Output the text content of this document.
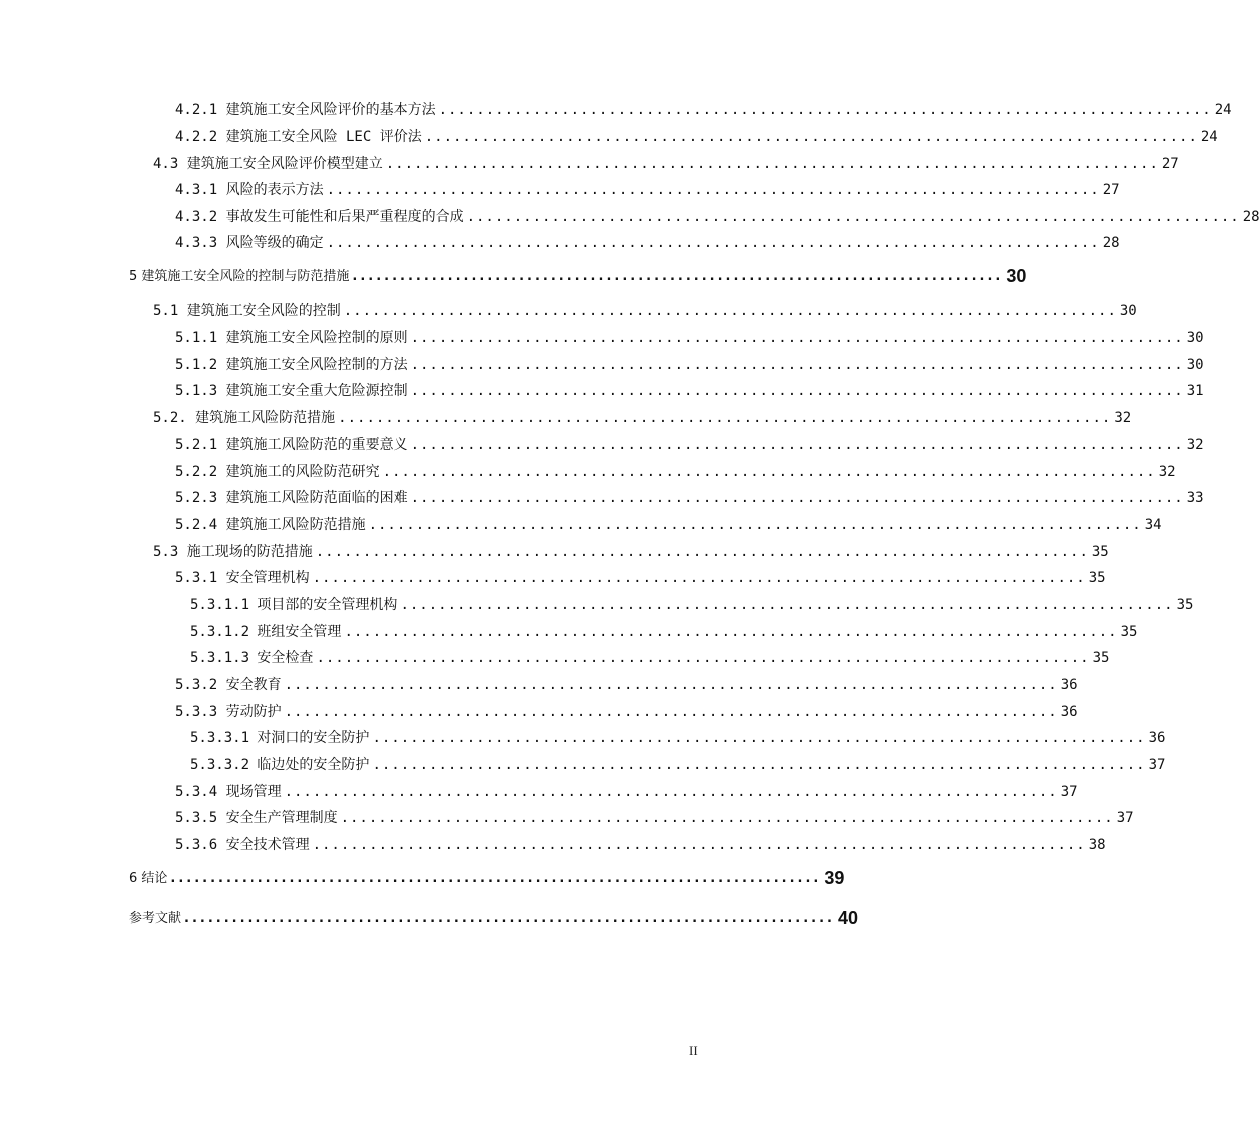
4.2.1 建筑施工安全风险评价的基本方法 .................................................................................. 24
4.2.2 建筑施工安全风险 LEC 评价法 .................................................................................. 24
4.3 建筑施工安全风险评价模型建立 .................................................................................. 27
4.3.1 风险的表示方法 .................................................................................. 27
4.3.2 事故发生可能性和后果严重程度的合成 .................................................................................. 28
4.3.3 风险等级的确定 .................................................................................. 28
5 建筑施工安全风险的控制与防范措施 .................................................................................. 30
5.1 建筑施工安全风险的控制 .................................................................................. 30
5.1.1 建筑施工安全风险控制的原则 .................................................................................. 30
5.1.2 建筑施工安全风险控制的方法 .................................................................................. 30
5.1.3 建筑施工安全重大危险源控制 .................................................................................. 31
5.2. 建筑施工风险防范措施 .................................................................................. 32
5.2.1 建筑施工风险防范的重要意义 .................................................................................. 32
5.2.2 建筑施工的风险防范研究 .................................................................................. 32
5.2.3 建筑施工风险防范面临的困难 .................................................................................. 33
5.2.4 建筑施工风险防范措施 .................................................................................. 34
5.3 施工现场的防范措施 .................................................................................. 35
5.3.1 安全管理机构 .................................................................................. 35
5.3.1.1 项目部的安全管理机构 .................................................................................. 35
5.3.1.2 班组安全管理 .................................................................................. 35
5.3.1.3 安全检查 .................................................................................. 35
5.3.2 安全教育 .................................................................................. 36
5.3.3 劳动防护 .................................................................................. 36
5.3.3.1 对洞口的安全防护 .................................................................................. 36
5.3.3.2 临边处的安全防护 .................................................................................. 37
5.3.4 现场管理 .................................................................................. 37
5.3.5 安全生产管理制度 .................................................................................. 37
5.3.6 安全技术管理 .................................................................................. 38
6 结论 .................................................................................. 39
参考文献 .................................................................................. 40
II
